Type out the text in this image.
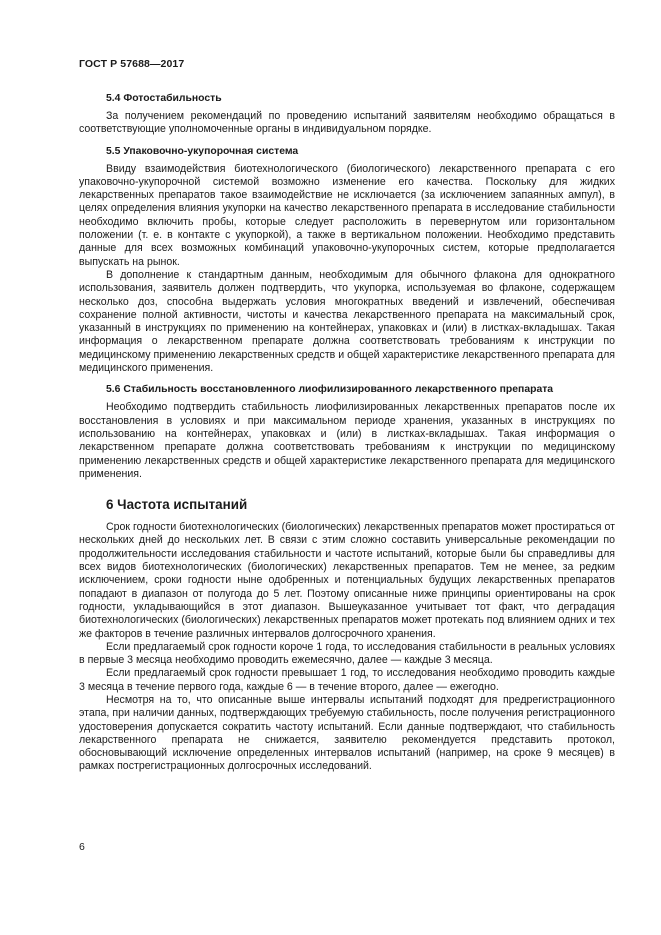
ГОСТ Р 57688—2017

5.4 Фотостабильность

За получением рекомендаций по проведению испытаний заявителям необходимо обращаться в соответствующие уполномоченные органы в индивидуальном порядке.

5.5 Упаковочно-укупорочная система

Ввиду взаимодействия биотехнологического (биологического) лекарственного препарата с его упаковочно-укупорочной системой возможно изменение его качества. Поскольку для жидких лекарственных препаратов такое взаимодействие не исключается (за исключением запаянных ампул), в целях определения влияния укупорки на качество лекарственного препарата в исследование стабильности необходимо включить пробы, которые следует расположить в перевернутом или горизонтальном положении (т. е. в контакте с укупоркой), а также в вертикальном положении. Необходимо представить данные для всех возможных комбинаций упаковочно-укупорочных систем, которые предполагается выпускать на рынок.

В дополнение к стандартным данным, необходимым для обычного флакона для однократного использования, заявитель должен подтвердить, что укупорка, используемая во флаконе, содержащем несколько доз, способна выдержать условия многократных введений и извлечений, обеспечивая сохранение полной активности, чистоты и качества лекарственного препарата на максимальный срок, указанный в инструкциях по применению на контейнерах, упаковках и (или) в листках-вкладышах. Такая информация о лекарственном препарате должна соответствовать требованиям к инструкции по медицинскому применению лекарственных средств и общей характеристике лекарственного препарата для медицинского применения.

5.6 Стабильность восстановленного лиофилизированного лекарственного препарата

Необходимо подтвердить стабильность лиофилизированных лекарственных препаратов после их восстановления в условиях и при максимальном периоде хранения, указанных в инструкциях по использованию на контейнерах, упаковках и (или) в листках-вкладышах. Такая информация о лекарственном препарате должна соответствовать требованиям к инструкции по медицинскому применению лекарственных средств и общей характеристике лекарственного препарата для медицинского применения.

6 Частота испытаний

Срок годности биотехнологических (биологических) лекарственных препаратов может простираться от нескольких дней до нескольких лет. В связи с этим сложно составить универсальные рекомендации по продолжительности исследования стабильности и частоте испытаний, которые были бы справедливы для всех видов биотехнологических (биологических) лекарственных препаратов. Тем не менее, за редким исключением, сроки годности ныне одобренных и потенциальных будущих лекарственных препаратов попадают в диапазон от полугода до 5 лет. Поэтому описанные ниже принципы ориентированы на срок годности, укладывающийся в этот диапазон. Вышеуказанное учитывает тот факт, что деградация биотехнологических (биологических) лекарственных препаратов может протекать под влиянием одних и тех же факторов в течение различных интервалов долгосрочного хранения.

Если предлагаемый срок годности короче 1 года, то исследования стабильности в реальных условиях в первые 3 месяца необходимо проводить ежемесячно, далее — каждые 3 месяца.

Если предлагаемый срок годности превышает 1 год, то исследования необходимо проводить каждые 3 месяца в течение первого года, каждые 6 — в течение второго, далее — ежегодно.

Несмотря на то, что описанные выше интервалы испытаний подходят для предрегистрационного этапа, при наличии данных, подтверждающих требуемую стабильность, после получения регистрационного удостоверения допускается сократить частоту испытаний. Если данные подтверждают, что стабильность лекарственного препарата не снижается, заявителю рекомендуется представить протокол, обосновывающий исключение определенных интервалов испытаний (например, на сроке 9 месяцев) в рамках пострегистрационных долгосрочных исследований.

6
